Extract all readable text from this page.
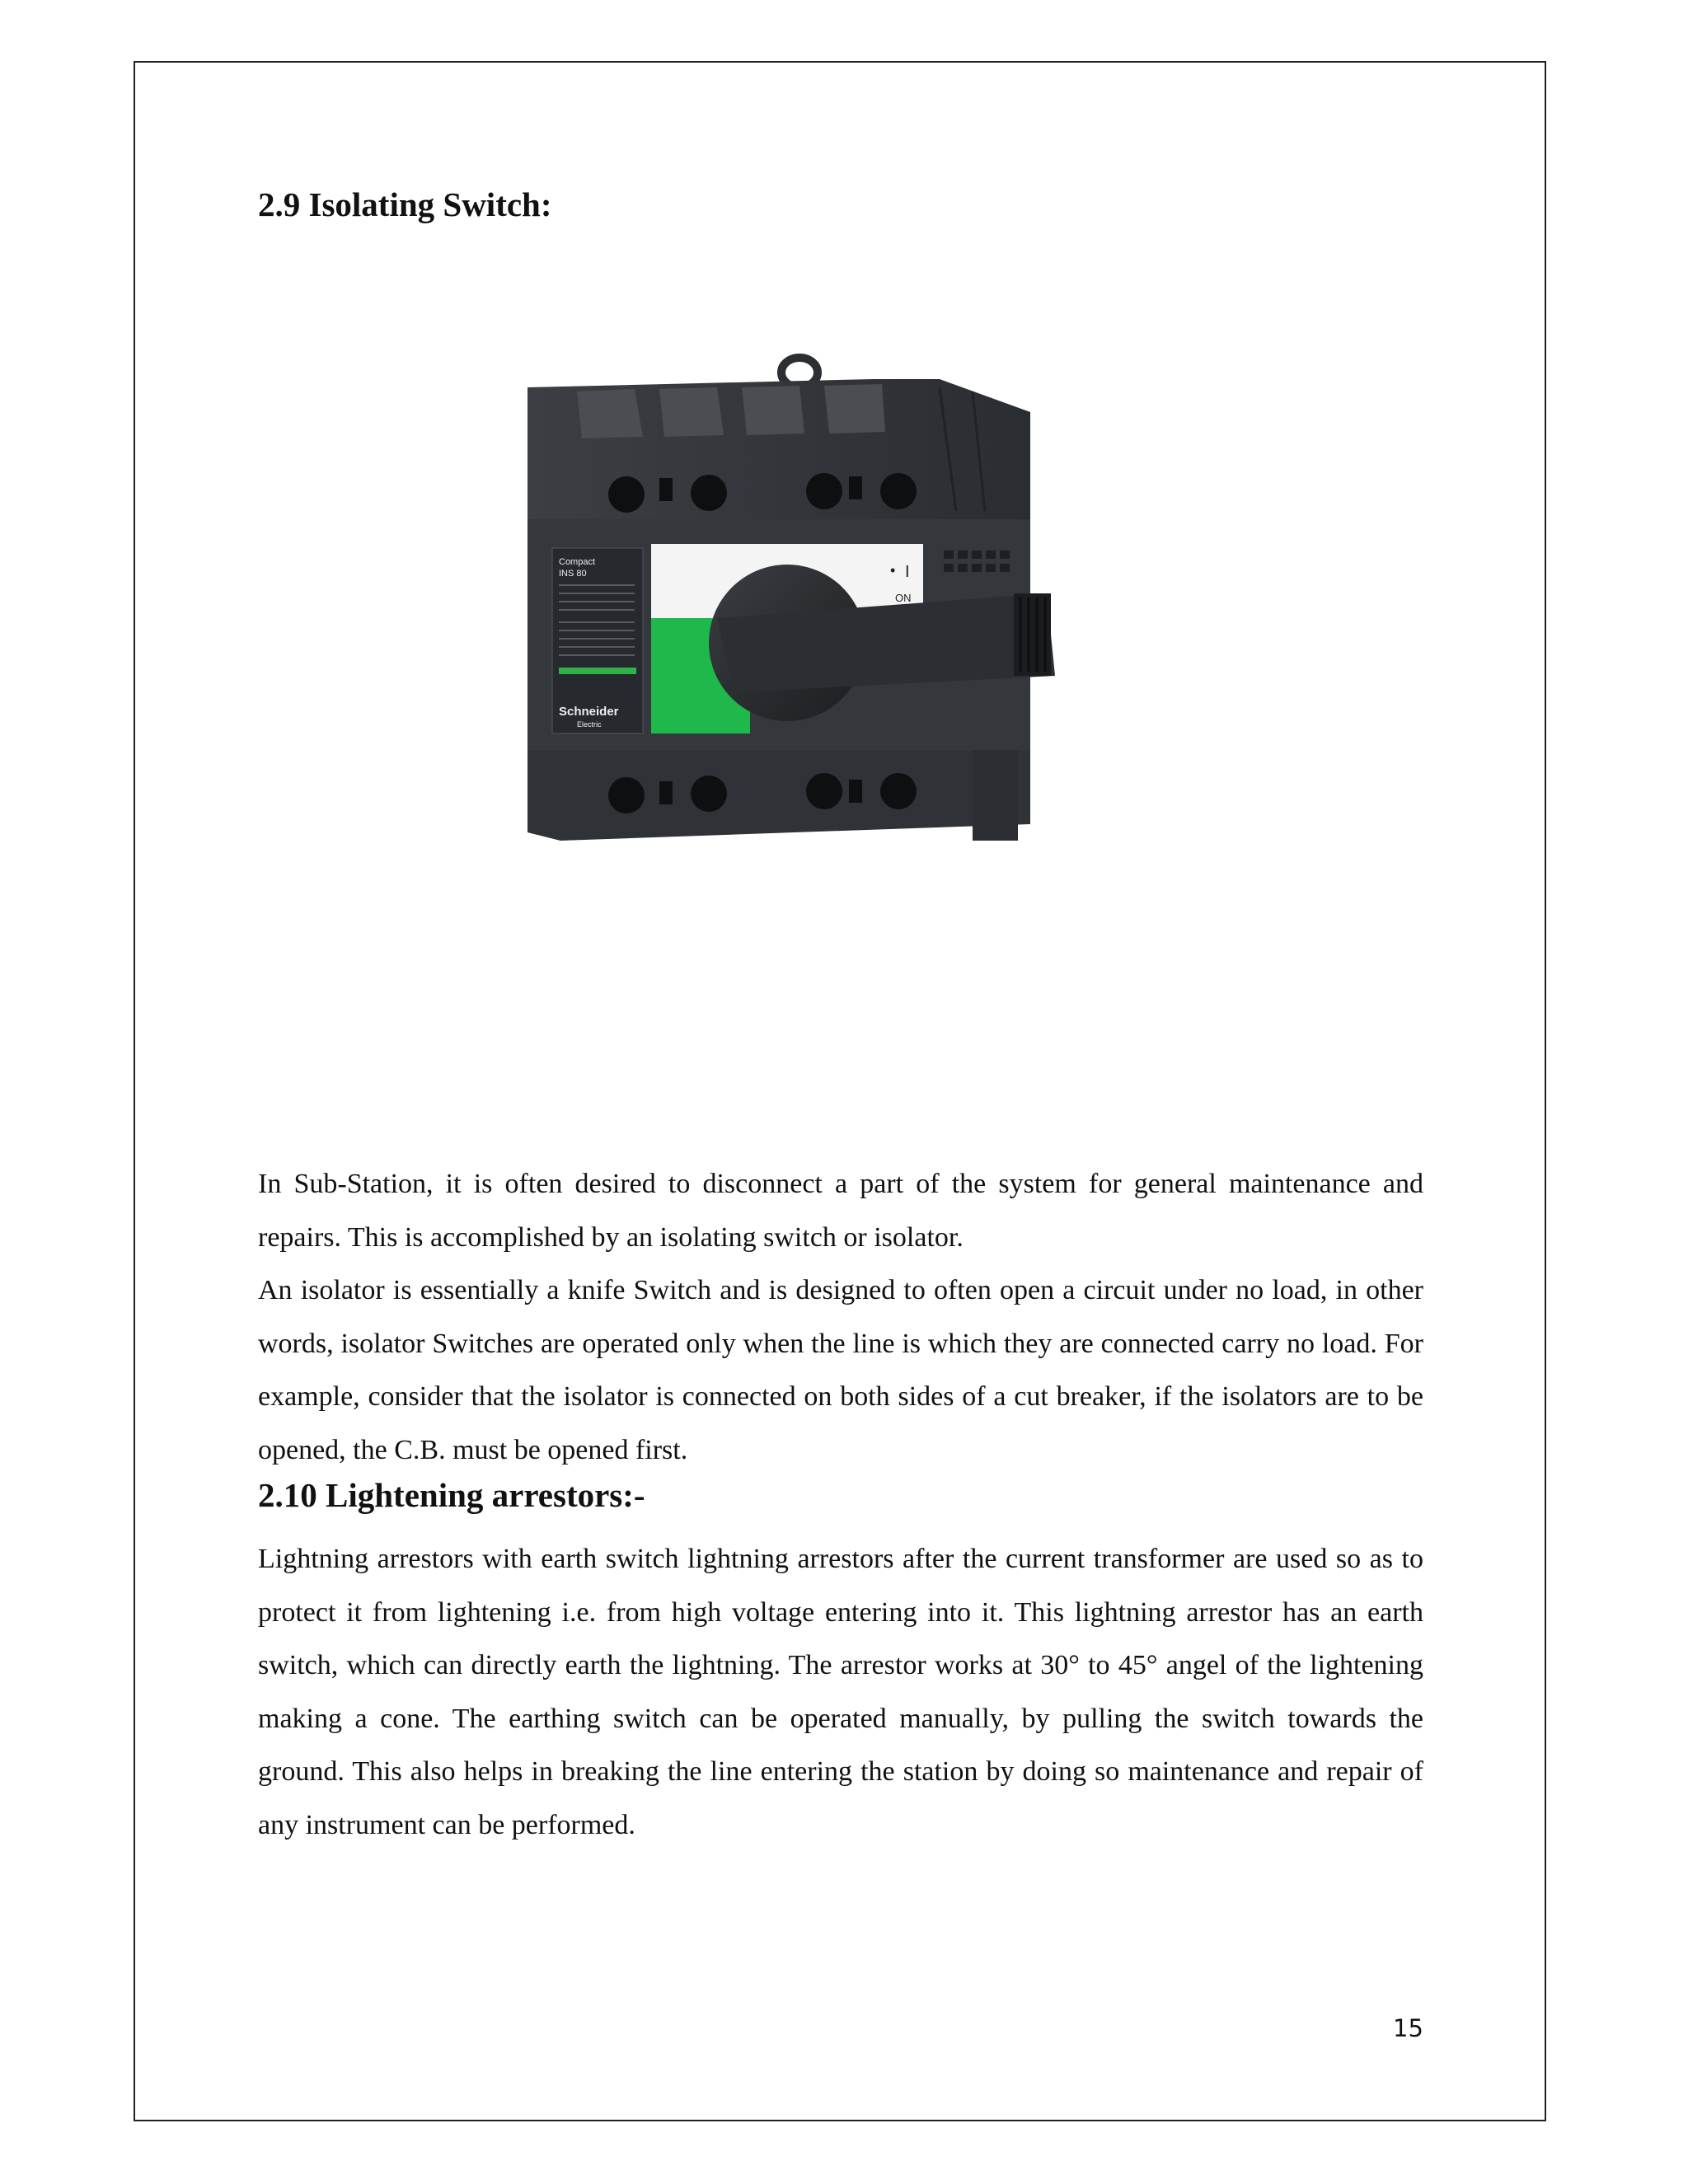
2.9 Isolating Switch:
Compact
INS 80
Schneider
Electric
• I
ON

In Sub-Station, it is often desired to disconnect a part of the system for general maintenance and repairs. This is accomplished by an isolating switch or isolator.

An isolator is essentially a knife Switch and is designed to often open a circuit under no load, in other words, isolator Switches are operated only when the line is which they are connected carry no load. For example, consider that the isolator is connected on both sides of a cut breaker, if the isolators are to be opened, the C.B. must be opened first.

2.10 Lightening arrestors:-

Lightning arrestors with earth switch lightning arrestors after the current transformer are used so as to protect it from lightening i.e. from high voltage entering into it. This lightning arrestor has an earth switch, which can directly earth the lightning. The arrestor works at 30° to 45° angel of the lightening making a cone. The earthing switch can be operated manually, by pulling the switch towards the ground. This also helps in breaking the line entering the station by doing so maintenance and repair of any instrument can be performed.

15
